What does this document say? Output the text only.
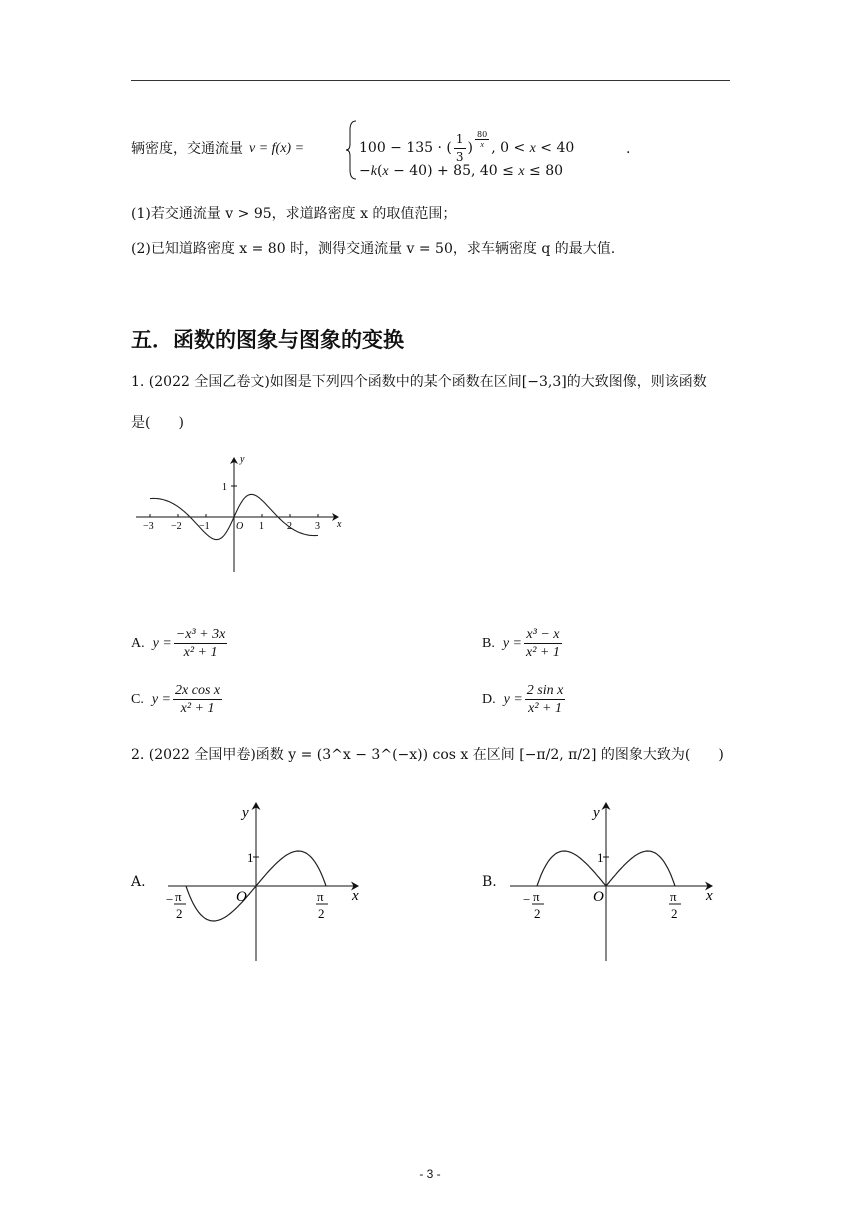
辆密度，交通流量 v = f(x) =	100 − 135 · ( $\frac{1}{3}$ ) $^{\frac{80}{x}}$ , 0 < x < 40
−k(x − 40) + 85, 40 ≤ x ≤ 80
.
(1)若交通流量 v > 95，求道路密度 x 的取值范围；
(2)已知道路密度 x = 80 时，测得交通流量 v = 50，求车辆密度 q 的最大值.
五．函数的图象与图象的变换
1. (2022 全国乙卷文)如图是下列四个函数中的某个函数在区间[−3,3]的大致图像，则该函数
是(　　)
y
x
1
O
−3 −2 −1	1 2 3
A. $y = \frac{\text{−x³ + 3x}}{\text{x² + 1}}$	B. $y = \frac{\text{x³ − x}}{\text{x² + 1}}$
C. $y = \frac{\text{2x cos x}}{\text{x² + 1}}$	D. $y = \frac{\text{2 sin x}}{\text{x² + 1}}$
2. (2022 全国甲卷)函数 y = (3^x − 3^(−x)) cos x 在区间 [−π/2, π/2] 的图象大致为(　　)
A.
y
x
1
O
− π
2
π
2
B.
y
x
1
O
− π
2
π
2
- 3 -
